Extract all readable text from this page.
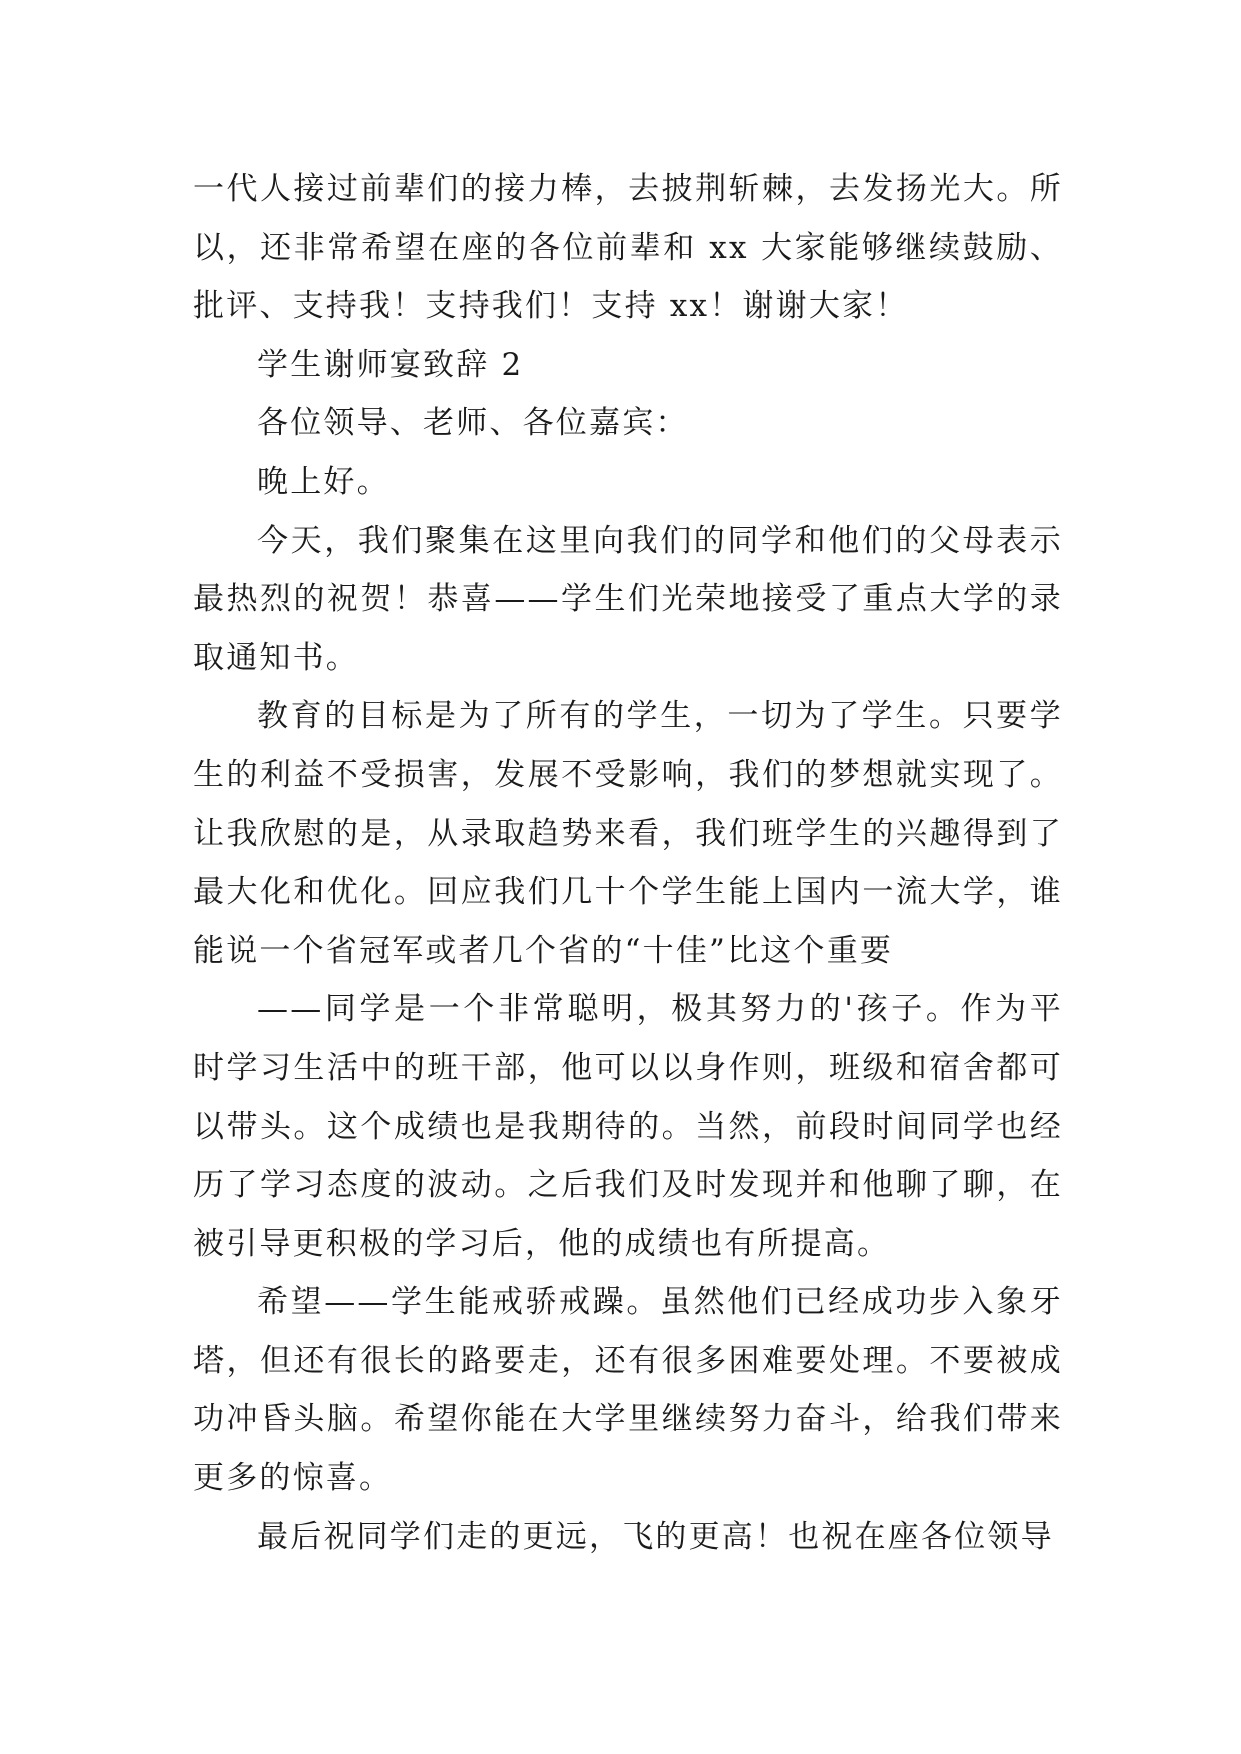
一代人接过前辈们的接力棒，去披荆斩棘，去发扬光大。所以，还非常希望在座的各位前辈和 xx 大家能够继续鼓励、批评、支持我！支持我们！支持 xx！谢谢大家！

学生谢师宴致辞 2

各位领导、老师、各位嘉宾：

晚上好。

今天，我们聚集在这里向我们的同学和他们的父母表示最热烈的祝贺！恭喜——学生们光荣地接受了重点大学的录取通知书。

教育的目标是为了所有的学生，一切为了学生。只要学生的利益不受损害，发展不受影响，我们的梦想就实现了。让我欣慰的是，从录取趋势来看，我们班学生的兴趣得到了最大化和优化。回应我们几十个学生能上国内一流大学，谁能说一个省冠军或者几个省的“十佳”比这个重要

——同学是一个非常聪明，极其努力的'孩子。作为平时学习生活中的班干部，他可以以身作则，班级和宿舍都可以带头。这个成绩也是我期待的。当然，前段时间同学也经历了学习态度的波动。之后我们及时发现并和他聊了聊，在被引导更积极的学习后，他的成绩也有所提高。

希望——学生能戒骄戒躁。虽然他们已经成功步入象牙塔，但还有很长的路要走，还有很多困难要处理。不要被成功冲昏头脑。希望你能在大学里继续努力奋斗，给我们带来更多的惊喜。

最后祝同学们走的更远，飞的更高！也祝在座各位领导
